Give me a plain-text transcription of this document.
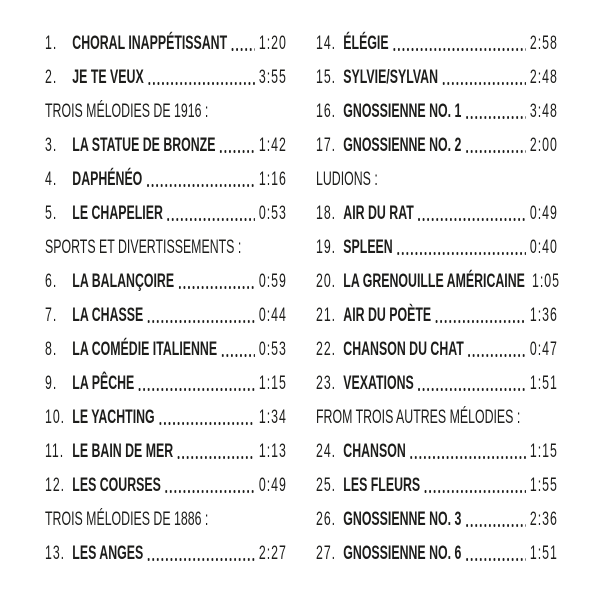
1. CHORAL INAPPÉTISSANT 1:20
2. JE TE VEUX	3:55
TROIS MÉLODIES DE 1916 :
3. LA STATUE DE BRONZE 1:42
4. DAPHÉNÉO	1:16
5. LE CHAPELIER	0:53
SPORTS ET DIVERTISSEMENTS :
6. LA BALANÇOIRE	0:59
7. LA CHASSE	0:44
8. LA COMÉDIE ITALIENNE 0:53
9. LA PÊCHE	1:15
10. LE YACHTING	1:34
11. LE BAIN DE MER	1:13
12. LES COURSES	0:49
TROIS MÉLODIES DE 1886 :
13. LES ANGES	2:27
14. ÉLÉGIE	2:58
15. SYLVIE/SYLVAN	2:48
16. GNOSSIENNE NO. 1	3:48
17. GNOSSIENNE NO. 2	2:00
LUDIONS :
18. AIR DU RAT	0:49
19. SPLEEN	0:40
20. LA GRENOUILLE AMÉRICAINE 1:05
21. AIR DU POÈTE	1:36
22. CHANSON DU CHAT	0:47
23. VEXATIONS	1:51
FROM TROIS AUTRES MÉLODIES :
24. CHANSON	1:15
25. LES FLEURS	1:55
26. GNOSSIENNE NO. 3	2:36
27. GNOSSIENNE NO. 6	1:51
